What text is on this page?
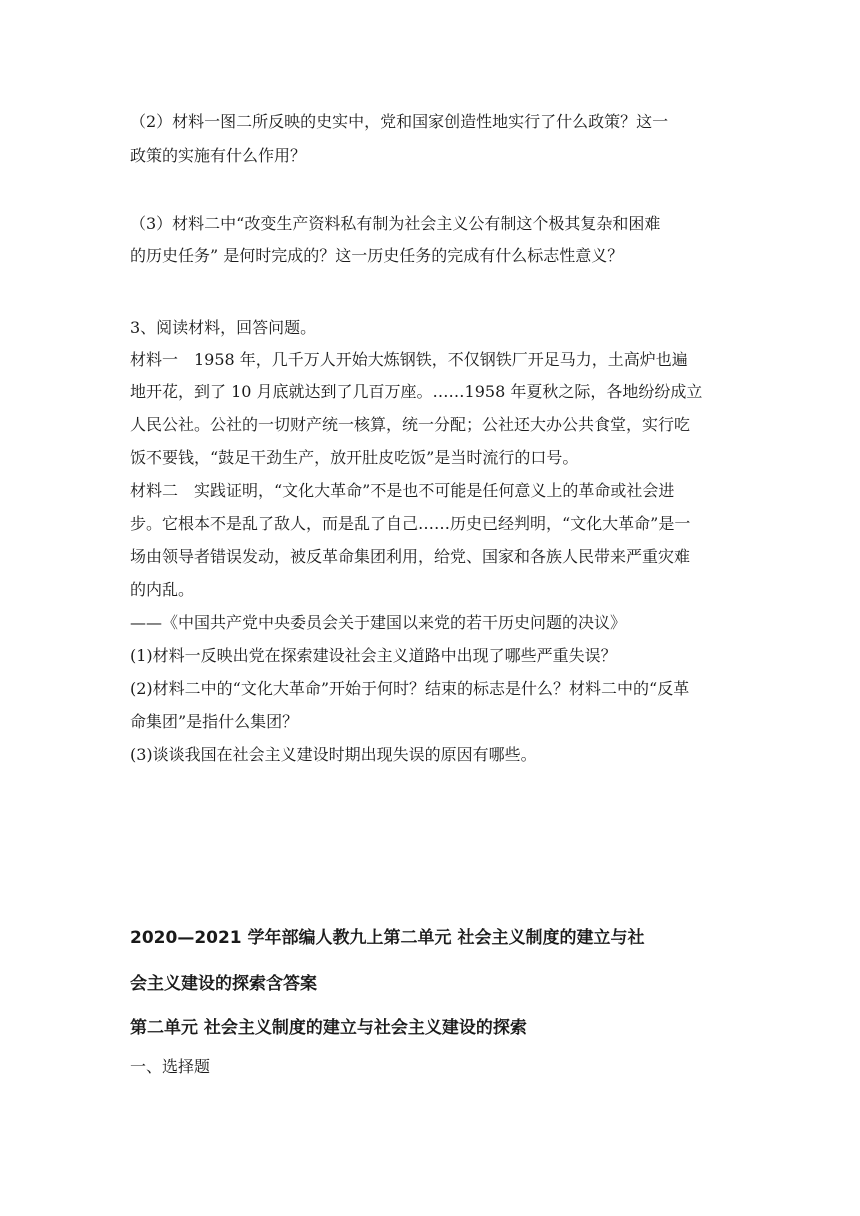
（2）材料一图二所反映的史实中，党和国家创造性地实行了什么政策？这一
政策的实施有什么作用？
（3）材料二中“改变生产资料私有制为社会主义公有制这个极其复杂和困难
的历史任务” 是何时完成的？这一历史任务的完成有什么标志性意义？
3、阅读材料，回答问题。
材料一　1958 年，几千万人开始大炼钢铁，不仅钢铁厂开足马力，土高炉也遍
地开花，到了 10 月底就达到了几百万座。……1958 年夏秋之际，各地纷纷成立
人民公社。公社的一切财产统一核算，统一分配；公社还大办公共食堂，实行吃
饭不要钱，“鼓足干劲生产，放开肚皮吃饭”是当时流行的口号。
材料二　实践证明，“文化大革命”不是也不可能是任何意义上的革命或社会进
步。它根本不是乱了敌人，而是乱了自己……历史已经判明，“文化大革命”是一
场由领导者错误发动，被反革命集团利用，给党、国家和各族人民带来严重灾难
的内乱。
——《中国共产党中央委员会关于建国以来党的若干历史问题的决议》
(1)材料一反映出党在探索建设社会主义道路中出现了哪些严重失误？
(2)材料二中的“文化大革命”开始于何时？结束的标志是什么？材料二中的“反革
命集团”是指什么集团？
(3)谈谈我国在社会主义建设时期出现失误的原因有哪些。
2020—2021 学年部编人教九上第二单元 社会主义制度的建立与社
会主义建设的探索含答案
第二单元 社会主义制度的建立与社会主义建设的探索
一、选择题
